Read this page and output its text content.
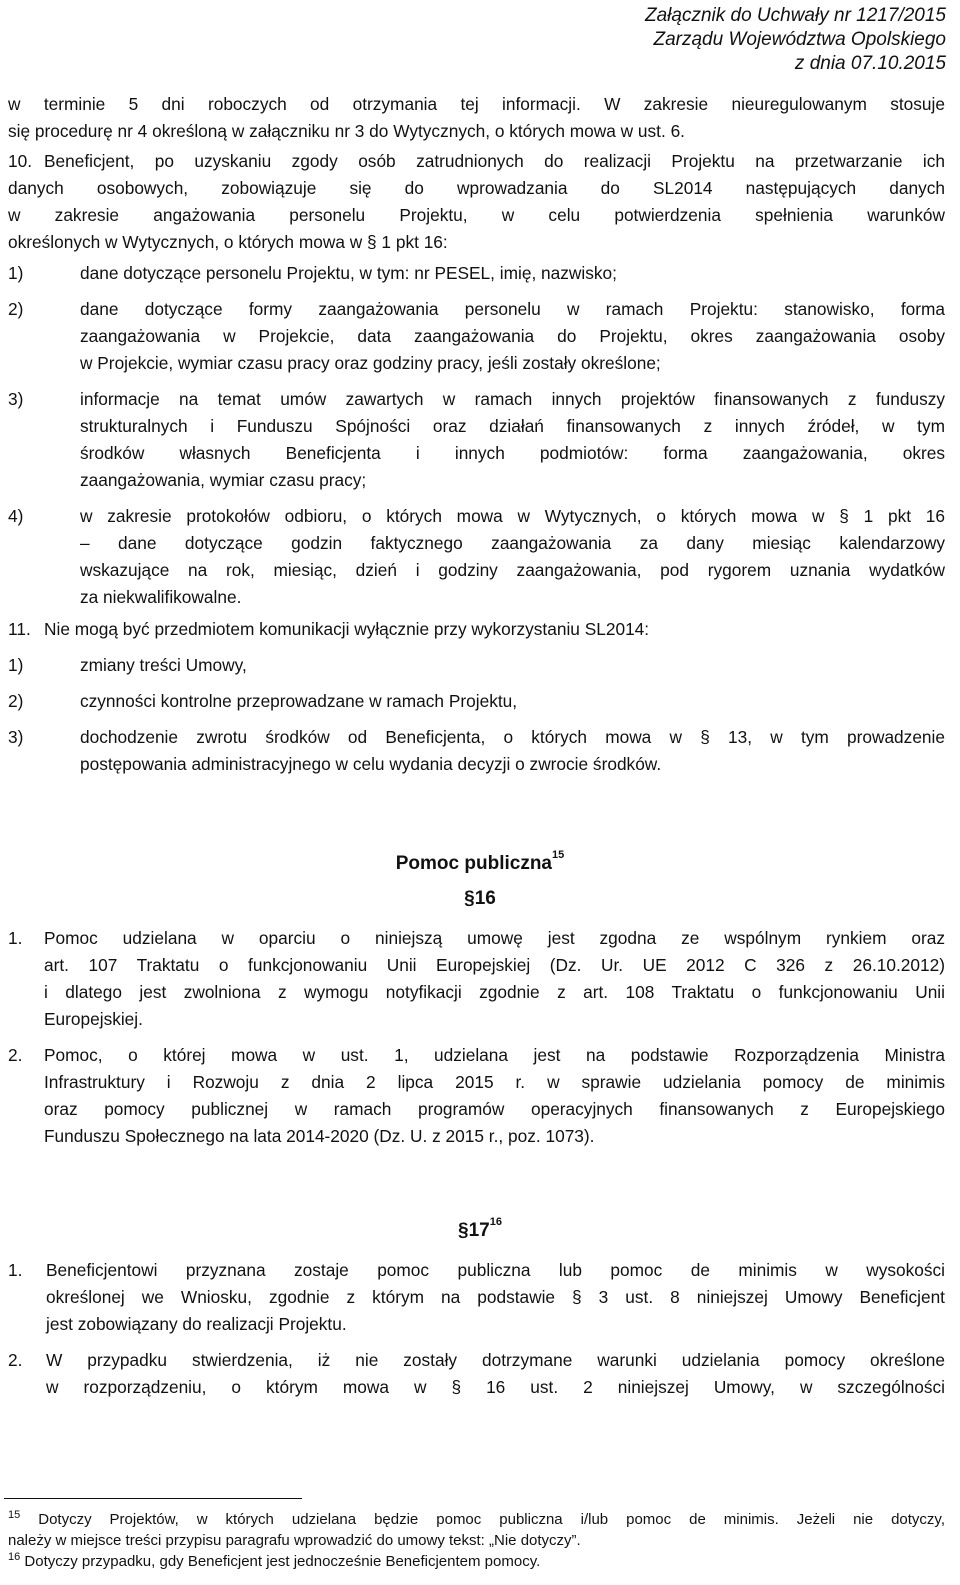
Załącznik do Uchwały nr 1217/2015
Zarządu Województwa Opolskiego
z dnia 07.10.2015
w terminie 5 dni roboczych od otrzymania tej informacji. W zakresie nieuregulowanym stosuje
się procedurę nr 4 określoną w załączniku nr 3 do Wytycznych, o których mowa w ust. 6.
10. Beneficjent, po uzyskaniu zgody osób zatrudnionych do realizacji Projektu na przetwarzanie ich
danych osobowych, zobowiązuje się do wprowadzania do SL2014 następujących danych
w zakresie angażowania personelu Projektu, w celu potwierdzenia spełnienia warunków
określonych w Wytycznych, o których mowa w § 1 pkt 16:
1)	dane dotyczące personelu Projektu, w tym: nr PESEL, imię, nazwisko;
2)	dane dotyczące formy zaangażowania personelu w ramach Projektu: stanowisko, forma
zaangażowania w Projekcie, data zaangażowania do Projektu, okres zaangażowania osoby
w Projekcie, wymiar czasu pracy oraz godziny pracy, jeśli zostały określone;
3)	informacje na temat umów zawartych w ramach innych projektów finansowanych z funduszy
strukturalnych i Funduszu Spójności oraz działań finansowanych z innych źródeł, w tym
środków własnych Beneficjenta i innych podmiotów: forma zaangażowania, okres
zaangażowania, wymiar czasu pracy;
4)	w zakresie protokołów odbioru, o których mowa w Wytycznych, o których mowa w § 1 pkt 16
– dane dotyczące godzin faktycznego zaangażowania za dany miesiąc kalendarzowy
wskazujące na rok, miesiąc, dzień i godziny zaangażowania, pod rygorem uznania wydatków
za niekwalifikowalne.
11. Nie mogą być przedmiotem komunikacji wyłącznie przy wykorzystaniu SL2014:
1)	zmiany treści Umowy,
2)	czynności kontrolne przeprowadzane w ramach Projektu,
3)	dochodzenie zwrotu środków od Beneficjenta, o których mowa w § 13, w tym prowadzenie
postępowania administracyjnego w celu wydania decyzji o zwrocie środków.
Pomoc publiczna$^{15}$
§16
1. Pomoc udzielana w oparciu o niniejszą umowę jest zgodna ze wspólnym rynkiem oraz
art. 107 Traktatu o funkcjonowaniu Unii Europejskiej (Dz. Ur. UE 2012 C 326 z 26.10.2012)
i dlatego jest zwolniona z wymogu notyfikacji zgodnie z art. 108 Traktatu o funkcjonowaniu Unii
Europejskiej.
2. Pomoc, o której mowa w ust. 1, udzielana jest na podstawie Rozporządzenia Ministra
Infrastruktury i Rozwoju z dnia 2 lipca 2015 r. w sprawie udzielania pomocy de minimis
oraz pomocy publicznej w ramach programów operacyjnych finansowanych z Europejskiego
Funduszu Społecznego na lata 2014-2020 (Dz. U. z 2015 r., poz. 1073).
$\S 17^{16}$
1. Beneficjentowi przyznana zostaje pomoc publiczna lub pomoc de minimis w wysokości
określonej we Wniosku, zgodnie z którym na podstawie § 3 ust. 8 niniejszej Umowy Beneficjent
jest zobowiązany do realizacji Projektu.
2. W przypadku stwierdzenia, iż nie zostały dotrzymane warunki udzielania pomocy określone
w rozporządzeniu, o którym mowa w § 16 ust. 2 niniejszej Umowy, w szczególności
$^{15}$ Dotyczy Projektów, w których udzielana będzie pomoc publiczna i/lub pomoc de minimis. Jeżeli nie dotyczy,
należy w miejsce treści przypisu paragrafu wprowadzić do umowy tekst: „Nie dotyczy”.
$^{16}$ Dotyczy przypadku, gdy Beneficjent jest jednocześnie Beneficjentem pomocy.
